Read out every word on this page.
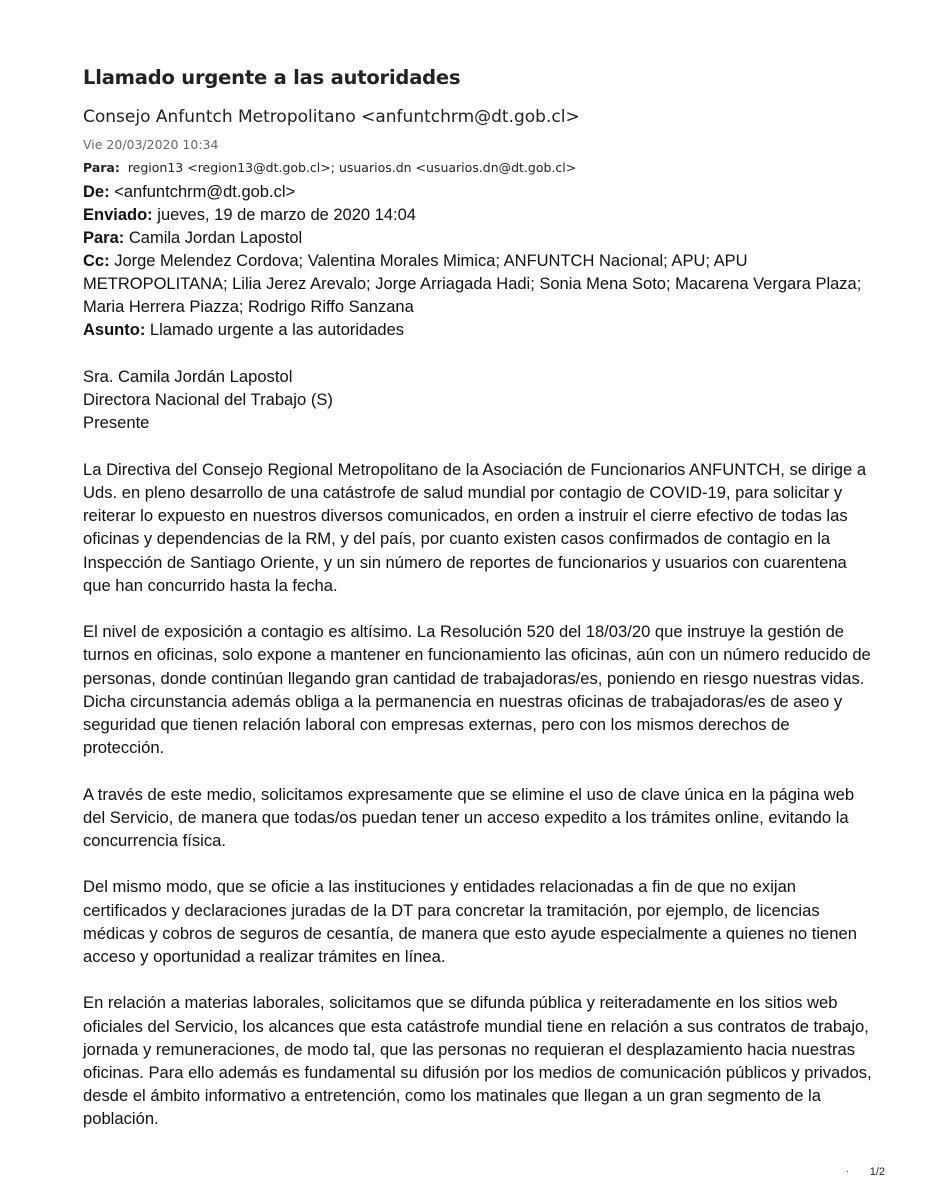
Llamado urgente a las autoridades
Consejo Anfuntch Metropolitano <anfuntchrm@dt.gob.cl>
Vie 20/03/2020 10:34
Para: region13 <region13@dt.gob.cl>; usuarios.dn <usuarios.dn@dt.gob.cl>
De: <anfuntchrm@dt.gob.cl>
Enviado: jueves, 19 de marzo de 2020 14:04
Para: Camila Jordan Lapostol
Cc: Jorge Melendez Cordova; Valentina Morales Mimica; ANFUNTCH Nacional; APU; APU METROPOLITANA; Lilia Jerez Arevalo; Jorge Arriagada Hadi; Sonia Mena Soto; Macarena Vergara Plaza; Maria Herrera Piazza; Rodrigo Riffo Sanzana
Asunto: Llamado urgente a las autoridades

Sra. Camila Jordán Lapostol
Directora Nacional del Trabajo (S)
Presente

La Directiva del Consejo Regional Metropolitano de la Asociación de Funcionarios ANFUNTCH, se dirige a Uds. en pleno desarrollo de una catástrofe de salud mundial por contagio de COVID-19, para solicitar y reiterar lo expuesto en nuestros diversos comunicados, en orden a instruir el cierre efectivo de todas las oficinas y dependencias de la RM, y del país, por cuanto existen casos confirmados de contagio en la Inspección de Santiago Oriente, y un sin número de reportes de funcionarios y usuarios con cuarentena que han concurrido hasta la fecha.

El nivel de exposición a contagio es altísimo. La Resolución 520 del 18/03/20 que instruye la gestión de turnos en oficinas, solo expone a mantener en funcionamiento las oficinas, aún con un número reducido de personas, donde continúan llegando gran cantidad de trabajadoras/es, poniendo en riesgo nuestras vidas. Dicha circunstancia además obliga a la permanencia en nuestras oficinas de trabajadoras/es de aseo y seguridad que tienen relación laboral con empresas externas, pero con los mismos derechos de protección.

A través de este medio, solicitamos expresamente que se elimine el uso de clave única en la página web del Servicio, de manera que todas/os puedan tener un acceso expedito a los trámites online, evitando la concurrencia física.

Del mismo modo, que se oficie a las instituciones y entidades relacionadas a fin de que no exijan certificados y declaraciones juradas de la DT para concretar la tramitación, por ejemplo, de licencias médicas y cobros de seguros de cesantía, de manera que esto ayude especialmente a quienes no tienen acceso y oportunidad a realizar trámites en línea.

En relación a materias laborales, solicitamos que se difunda pública y reiteradamente en los sitios web oficiales del Servicio, los alcances que esta catástrofe mundial tiene en relación a sus contratos de trabajo, jornada y remuneraciones, de modo tal, que las personas no requieran el desplazamiento hacia nuestras oficinas. Para ello además es fundamental su difusión por los medios de comunicación públicos y privados, desde el ámbito informativo a entretención, como los matinales que llegan a un gran segmento de la población.

. 1/2
